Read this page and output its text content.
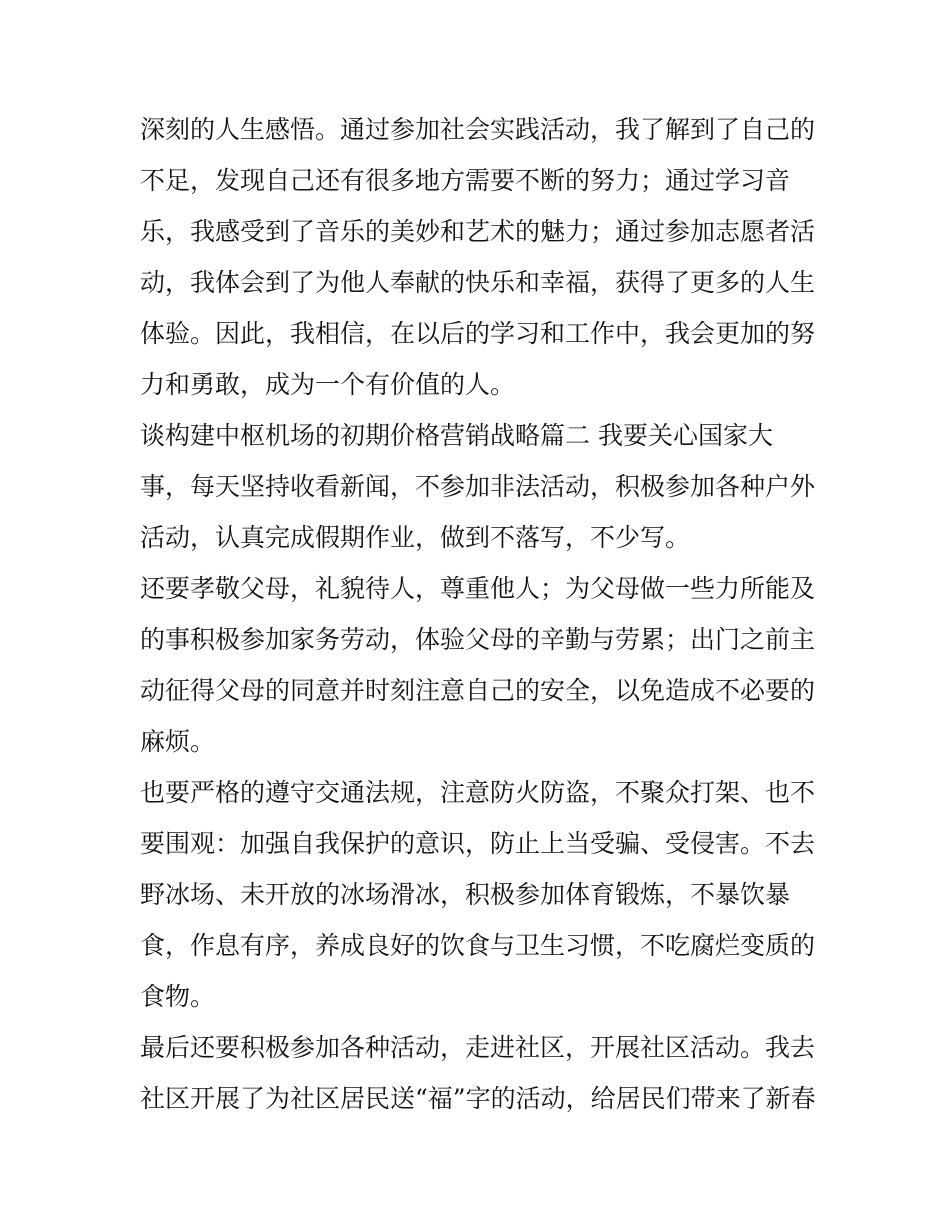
深刻的人生感悟。通过参加社会实践活动，我了解到了自己的
不足，发现自己还有很多地方需要不断的努力；通过学习音
乐，我感受到了音乐的美妙和艺术的魅力；通过参加志愿者活
动，我体会到了为他人奉献的快乐和幸福，获得了更多的人生
体验。因此，我相信，在以后的学习和工作中，我会更加的努
力和勇敢，成为一个有价值的人。
谈构建中枢机场的初期价格营销战略篇二 我要关心国家大
事，每天坚持收看新闻，不参加非法活动，积极参加各种户外
活动，认真完成假期作业，做到不落写，不少写。
还要孝敬父母，礼貌待人，尊重他人；为父母做一些力所能及
的事积极参加家务劳动，体验父母的辛勤与劳累；出门之前主
动征得父母的同意并时刻注意自己的安全，以免造成不必要的
麻烦。
也要严格的遵守交通法规，注意防火防盗，不聚众打架、也不
要围观：加强自我保护的意识，防止上当受骗、受侵害。不去
野冰场、未开放的冰场滑冰，积极参加体育锻炼，不暴饮暴
食，作息有序，养成良好的饮食与卫生习惯，不吃腐烂变质的
食物。
最后还要积极参加各种活动，走进社区，开展社区活动。我去
社区开展了为社区居民送“福”字的活动，给居民们带来了新春
